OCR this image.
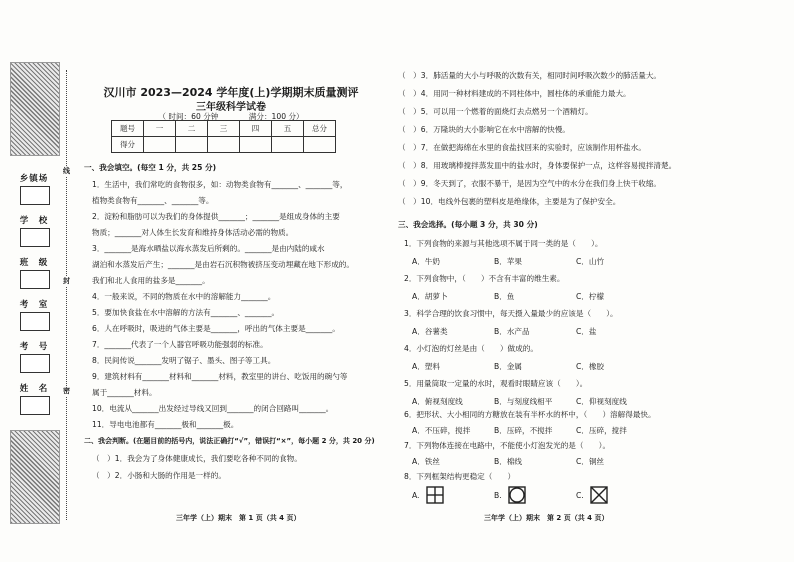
乡镇场
学　校
班　级
考　室
考　号
姓　名
线
封
密
汉川市 2023—2024 学年度(上)学期期末质量测评
三年级科学试卷
（ 时间：60 分钟　　　　满分：100 分）
题号	一	二	三	四	五	总分
得分						
一、我会填空。(每空 1 分，共 25 分)
1．生活中，我们常吃的食物很多，如：动物类食物有_______、_______等，
植物类食物有_______、_______等。
2．淀粉和脂肪可以为我们的身体提供_______；_______是组成身体的主要
物质；_______对人体生长发育和维持身体活动必需的物质。
3．_______是海水晒盐以海水蒸发后所剩的。_______是由内陆的咸水
湖泊和水蒸发后产生；_______是由岩石沉积物被挤压变动埋藏在地下形成的。
我们和北人食用的盐多是_______。
4．一般来说，不同的物质在水中的溶解能力_______。
5．要加快食盐在水中溶解的方法有_______、_______。
6．人在呼吸时，吸进的气体主要是_______，呼出的气体主要是_______。
7．_______代表了一个人器官呼吸功能强弱的标准。
8．民间传说_______发明了锯子、墨头、图子等工具。
9．建筑材料有_______材料和_______材料，教室里的讲台、吃饭用的碗勺等
属于_______材料。
10．电流从_______出发经过导线又回到_______的闭合回路叫_______。
11．导电电池都有_______极和_______极。
二、我会判断。(在题目前的括号内，说法正确打“√”，错误打“×”，每小题 2 分，共 20 分)
（　）1．我会为了身体健康成长，我们要吃各种不同的食物。
（　）2．小肠和大肠的作用是一样的。
三年学（上）期末　第 1 页（共 4 页）
（　）3．肺活量的大小与呼吸的次数有关，相同时间呼吸次数少的肺活量大。
（　）4．用同一种材料建成的不同柱体中，圆柱体的承重能力最大。
（　）5．可以用一个燃着的面烧灯去点燃另一个酒精灯。
（　）6．万隆块的大小影响它在水中溶解的快慢。
（　）7．在做把海绵在水里的食盐找回来的实验时，应该制作用杯盐水。
（　）8．用玻璃棒搅拌蒸发皿中的盐水时，身体要保护一点，这样容易搅拌清楚。
（　）9．冬天到了，衣服不暴干，是因为空气中的水分在我们身上快干收缩。
（　）10．电线外包裹的塑料皮是绝缘体，主要是为了保护安全。
三、我会选择。(每小题 3 分，共 30 分)
1．下列食物的来源与其他选项不属于同一类的是（　　）。
A．牛奶	B．苹果	C．山竹
2．下列食物中，（　　）不含有丰富的维生素。
A．胡萝卜	B．鱼	C．柠檬
3．科学合理的饮食习惯中，每天摄入量最少的应该是（　　）。
A．谷薯类	B．水产品	C．盐
4．小灯泡的灯丝是由（　　）做成的。
A．塑料	B．金属	C．橡胶
5．用量筒取一定量的水时，观看时眼睛应该（　　）。
A．俯视刻度线	B．与刻度线相平	C．仰视刻度线
6．把形状、大小相同的方糖放在装有半杯水的杯中，（　　）溶解得最快。
A．不压碎，搅拌	B．压碎，不搅拌	C．压碎，搅拌
三年学（上）期末　第 2 页（共 4 页）
7．下列物体连接在电路中，不能使小灯泡发光的是（　　）。
A．铁丝	B．棉线	C．铜丝
8．下列框架结构更稳定（　　）
A.	B.	C.
